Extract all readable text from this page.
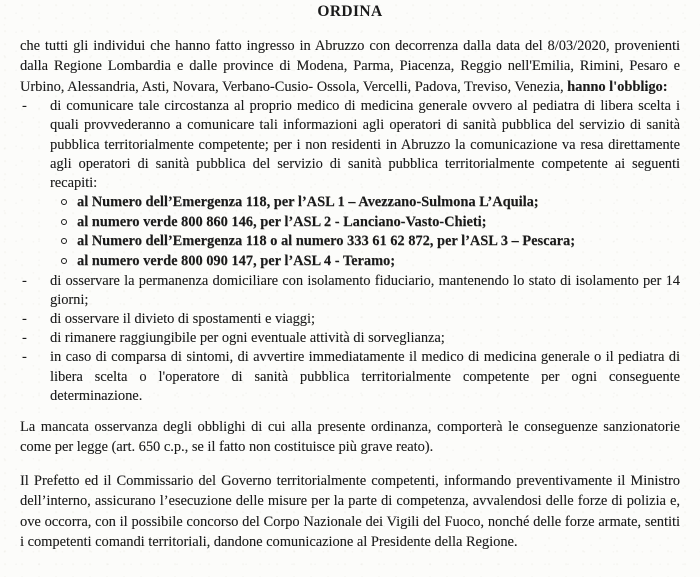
ORDINA

che tutti gli individui che hanno fatto ingresso in Abruzzo con decorrenza dalla data del 8/03/2020, provenienti dalla Regione Lombardia e dalle province di Modena, Parma, Piacenza, Reggio nell'Emilia, Rimini, Pesaro e Urbino, Alessandria, Asti, Novara, Verbano-Cusio- Ossola, Vercelli, Padova, Treviso, Venezia, hanno l'obbligo:

- di comunicare tale circostanza al proprio medico di medicina generale ovvero al pediatra di libera scelta i quali provvederanno a comunicare tali informazioni agli operatori di sanità pubblica del servizio di sanità pubblica territorialmente competente; per i non residenti in Abruzzo la comunicazione va resa direttamente agli operatori di sanità pubblica del servizio di sanità pubblica territorialmente competente ai seguenti recapiti:
al Numero dell’Emergenza 118, per l’ASL 1 – Avezzano-Sulmona L’Aquila;
al numero verde 800 860 146, per l’ASL 2 - Lanciano-Vasto-Chieti;
al Numero dell’Emergenza 118 o al numero 333 61 62 872, per l’ASL 3 – Pescara;
al numero verde 800 090 147, per l’ASL 4 - Teramo;
- di osservare la permanenza domiciliare con isolamento fiduciario, mantenendo lo stato di isolamento per 14 giorni;
- di osservare il divieto di spostamenti e viaggi;
- di rimanere raggiungibile per ogni eventuale attività di sorveglianza;
- in caso di comparsa di sintomi, di avvertire immediatamente il medico di medicina generale o il pediatra di libera scelta o l'operatore di sanità pubblica territorialmente competente per ogni conseguente determinazione.

La mancata osservanza degli obblighi di cui alla presente ordinanza, comporterà le conseguenze sanzionatorie come per legge (art. 650 c.p., se il fatto non costituisce più grave reato).

Il Prefetto ed il Commissario del Governo territorialmente competenti, informando preventivamente il Ministro dell’interno, assicurano l’esecuzione delle misure per la parte di competenza, avvalendosi delle forze di polizia e, ove occorra, con il possibile concorso del Corpo Nazionale dei Vigili del Fuoco, nonché delle forze armate, sentiti i competenti comandi territoriali, dandone comunicazione al Presidente della Regione.
